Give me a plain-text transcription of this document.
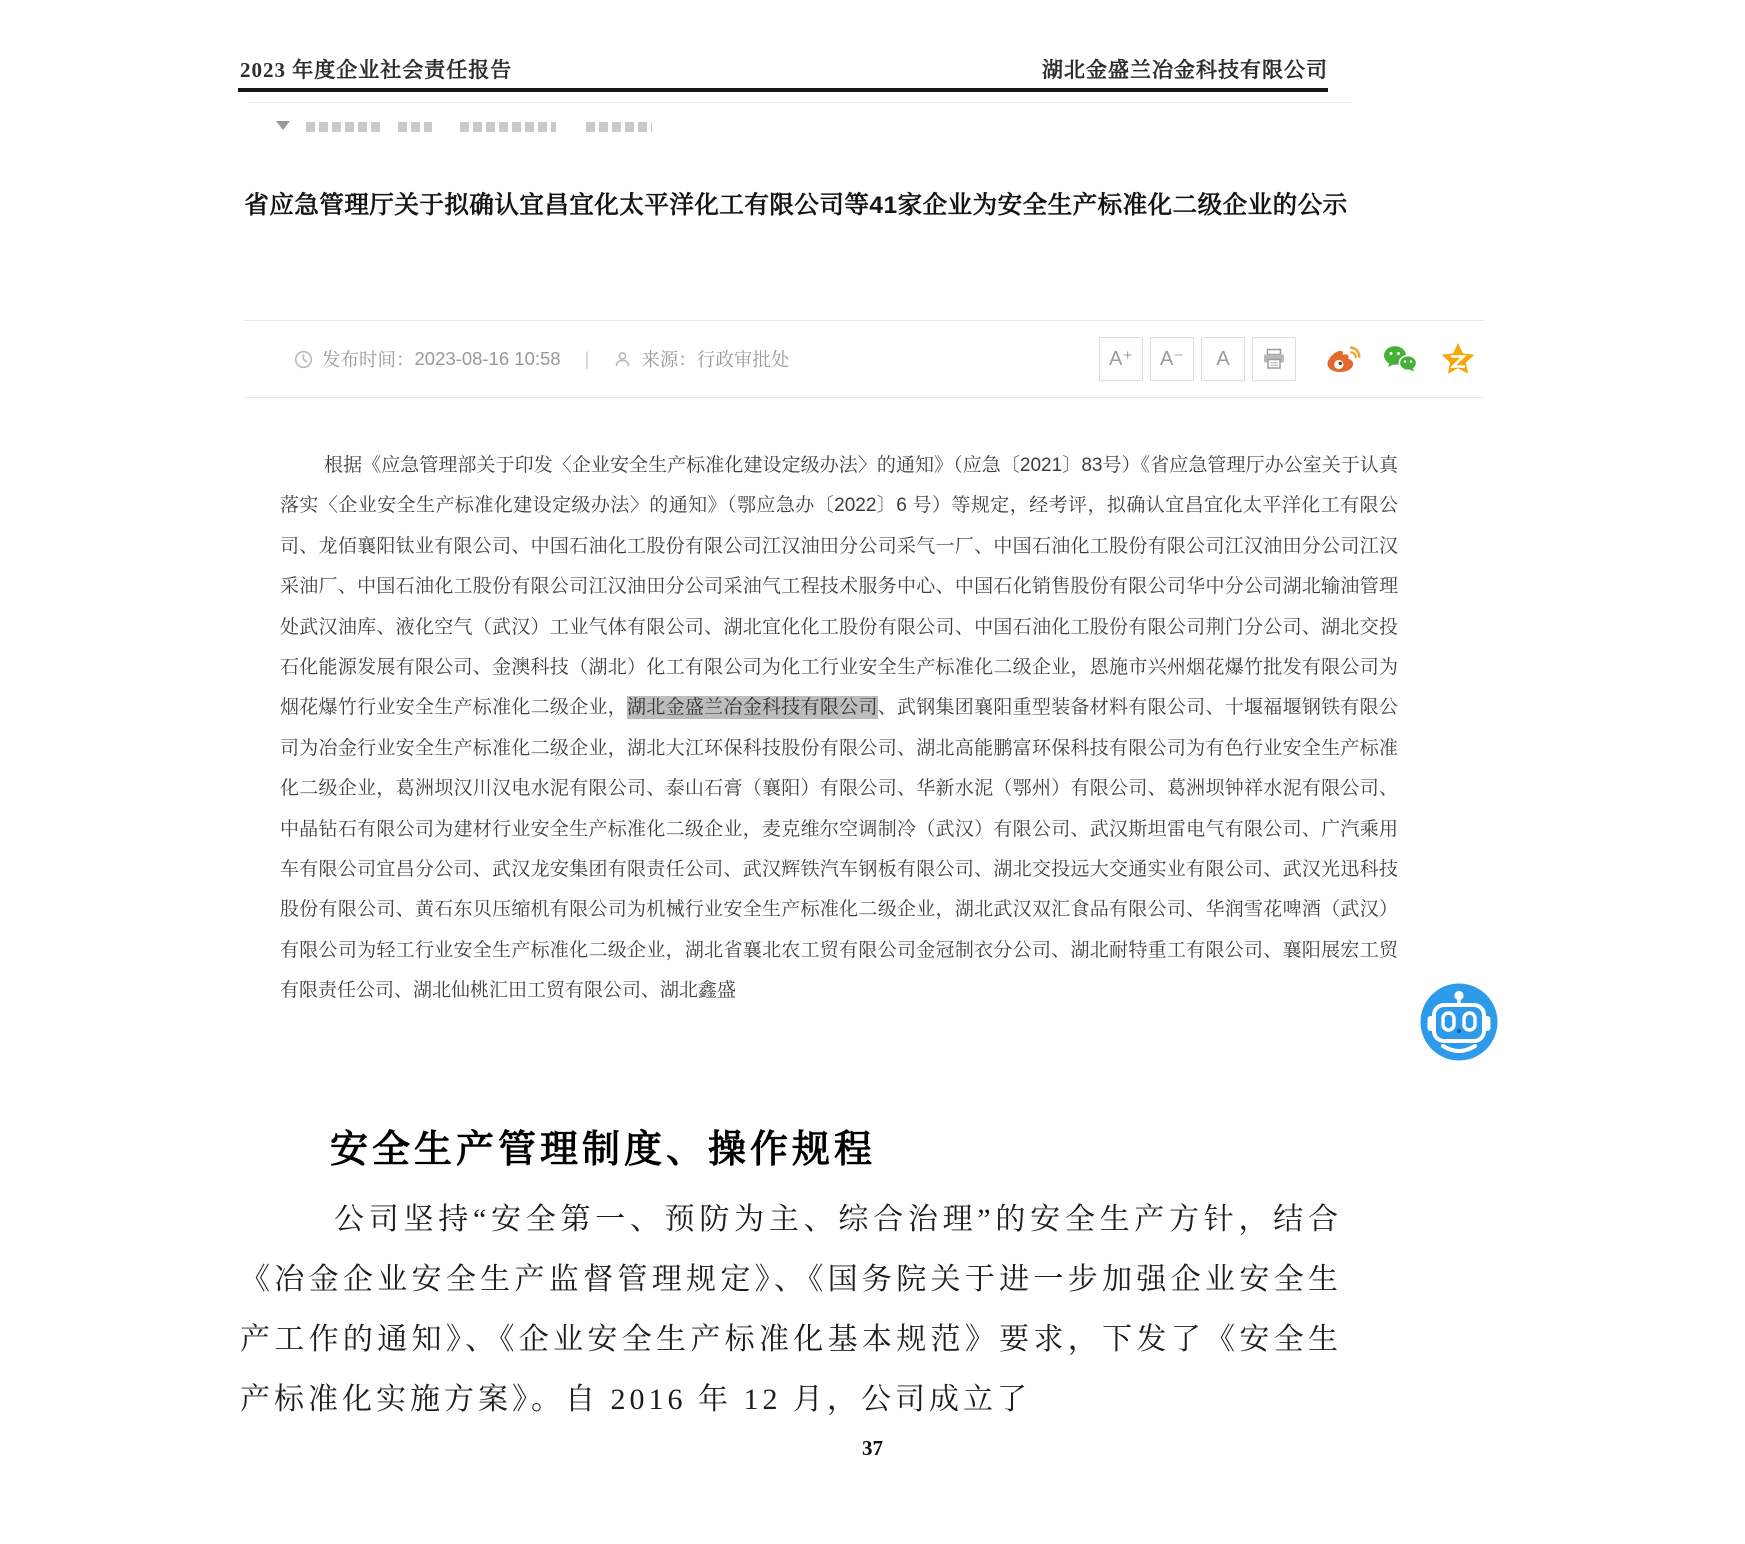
2023 年度企业社会责任报告	湖北金盛兰冶金科技有限公司
省应急管理厅关于拟确认宜昌宜化太平洋化工有限公司等41家企业为安全生产标准化二级企业的公示
发布时间： 2023-08-16 10:58 |	来源： 行政审批处	A⁺	A⁻	A
根据《应急管理部关于印发〈企业安全生产标准化建设定级办法〉的通知》（应急〔2021〕83号）《省应急管理厅办公室关于认真落实〈企业安全生产标准化建设定级办法〉的通知》（鄂应急办〔2022〕6 号）等规定，经考评，拟确认宜昌宜化太平洋化工有限公司、龙佰襄阳钛业有限公司、中国石油化工股份有限公司江汉油田分公司采气一厂、中国石油化工股份有限公司江汉油田分公司江汉采油厂、中国石油化工股份有限公司江汉油田分公司采油气工程技术服务中心、中国石化销售股份有限公司华中分公司湖北输油管理处武汉油库、液化空气（武汉）工业气体有限公司、湖北宜化化工股份有限公司、中国石油化工股份有限公司荆门分公司、湖北交投石化能源发展有限公司、金澳科技（湖北）化工有限公司为化工行业安全生产标准化二级企业，恩施市兴州烟花爆竹批发有限公司为烟花爆竹行业安全生产标准化二级企业，湖北金盛兰冶金科技有限公司、武钢集团襄阳重型装备材料有限公司、十堰福堰钢铁有限公司为冶金行业安全生产标准化二级企业，湖北大江环保科技股份有限公司、湖北高能鹏富环保科技有限公司为有色行业安全生产标准化二级企业，葛洲坝汉川汉电水泥有限公司、泰山石膏（襄阳）有限公司、华新水泥（鄂州）有限公司、葛洲坝钟祥水泥有限公司、中晶钻石有限公司为建材行业安全生产标准化二级企业，麦克维尔空调制冷（武汉）有限公司、武汉斯坦雷电气有限公司、广汽乘用车有限公司宜昌分公司、武汉龙安集团有限责任公司、武汉辉铁汽车钢板有限公司、湖北交投远大交通实业有限公司、武汉光迅科技股份有限公司、黄石东贝压缩机有限公司为机械行业安全生产标准化二级企业，湖北武汉双汇食品有限公司、华润雪花啤酒（武汉）有限公司为轻工行业安全生产标准化二级企业，湖北省襄北农工贸有限公司金冠制衣分公司、湖北耐特重工有限公司、襄阳展宏工贸有限责任公司、湖北仙桃汇田工贸有限公司、湖北鑫盛
安全生产管理制度、操作规程

公司坚持“安全第一、预防为主、综合治理”的安全生产方针，结合《冶金企业安全生产监督管理规定》、《国务院关于进一步加强企业安全生产工作的通知》、《企业安全生产标准化基本规范》要求，下发了《安全生产标准化实施方案》。自 2016 年 12 月，公司成立了

37
